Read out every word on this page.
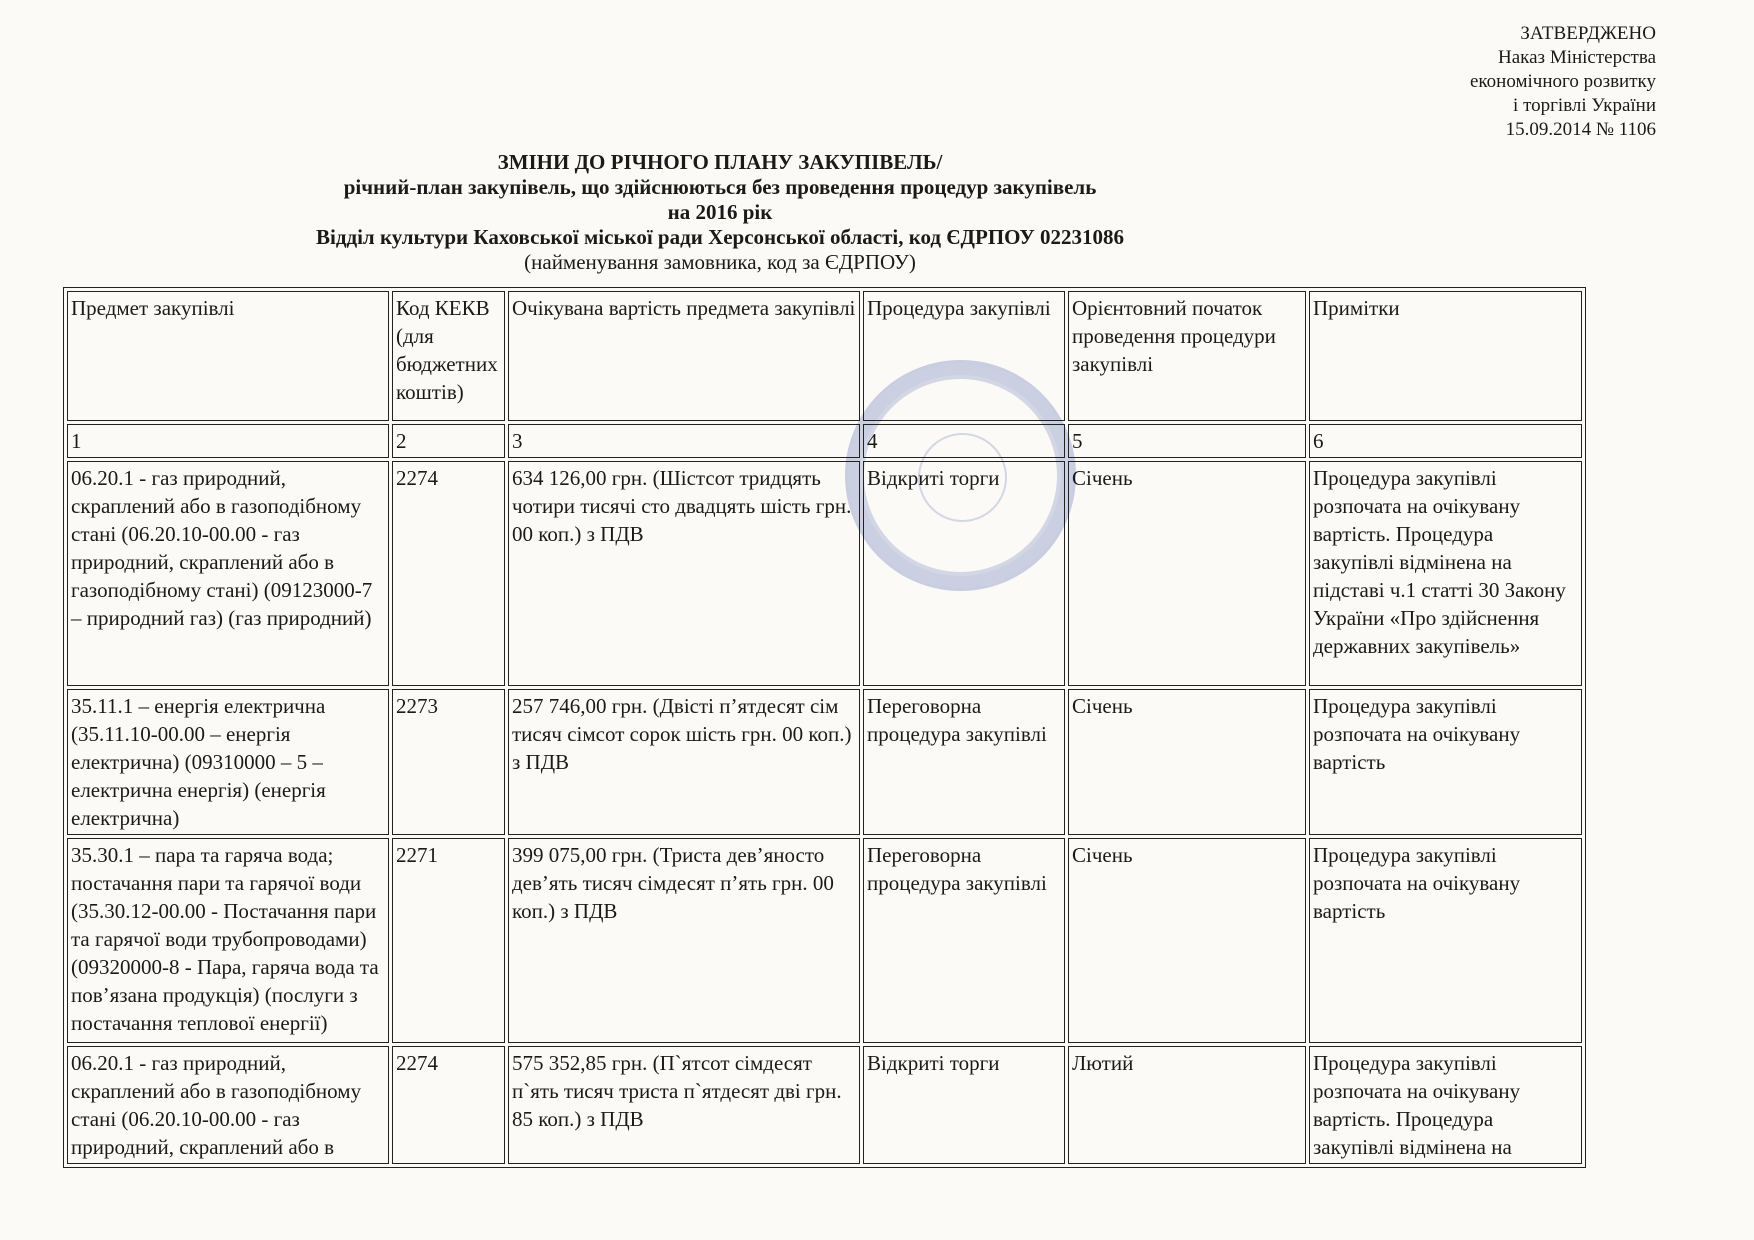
ЗАТВЕРДЖЕНО
Наказ Міністерства
економічного розвитку
і торгівлі України
15.09.2014 № 1106
ЗМІНИ ДО РІЧНОГО ПЛАНУ ЗАКУПІВЕЛЬ/
річний-план закупівель, що здійснюються без проведення процедур закупівель
на 2016 рік
Відділ культури Каховської міської ради Херсонської області, код ЄДРПОУ 02231086
(найменування замовника, код за ЄДРПОУ)
Предмет закупівлі	Код КЕКВ (для бюджетних коштів)	Очікувана вартість предмета закупівлі	Процедура закупівлі	Орієнтовний початок проведення процедури закупівлі	Примітки
1	2	3	4	5	6
06.20.1 - газ природний, скраплений або в газоподібному стані (06.20.10-00.00 - газ природний, скраплений або в газоподібному стані) (09123000-7 – природний газ) (газ природний)	2274	634 126,00 грн. (Шістсот тридцять чотири тисячі сто двадцять шість грн. 00 коп.) з ПДВ	Відкриті торги	Січень	Процедура закупівлі розпочата на очікувану вартість. Процедура закупівлі відмінена на підставі ч.1 статті 30 Закону України «Про здійснення державних закупівель»
35.11.1 – енергія електрична (35.11.10-00.00 – енергія електрична) (09310000 – 5 – електрична енергія) (енергія електрична)	2273	257 746,00 грн. (Двісті п’ятдесят сім тисяч сімсот сорок шість грн. 00 коп.) з ПДВ	Переговорна процедура закупівлі	Січень	Процедура закупівлі розпочата на очікувану вартість
35.30.1 – пара та гаряча вода; постачання пари та гарячої води (35.30.12-00.00 - Постачання пари та гарячої води трубопроводами) (09320000-8 - Пара, гаряча вода та пов’язана продукція) (послуги з постачання теплової енергії)	2271	399 075,00 грн. (Триста дев’яносто дев’ять тисяч сімдесят п’ять грн. 00 коп.) з ПДВ	Переговорна процедура закупівлі	Січень	Процедура закупівлі розпочата на очікувану вартість
06.20.1 - газ природний, скраплений або в газоподібному стані (06.20.10-00.00 - газ природний, скраплений або в	2274	575 352,85 грн. (П`ятсот сімдесят п`ять тисяч триста п`ятдесят дві грн. 85 коп.) з ПДВ	Відкриті торги	Лютий	Процедура закупівлі розпочата на очікувану вартість. Процедура закупівлі відмінена на
